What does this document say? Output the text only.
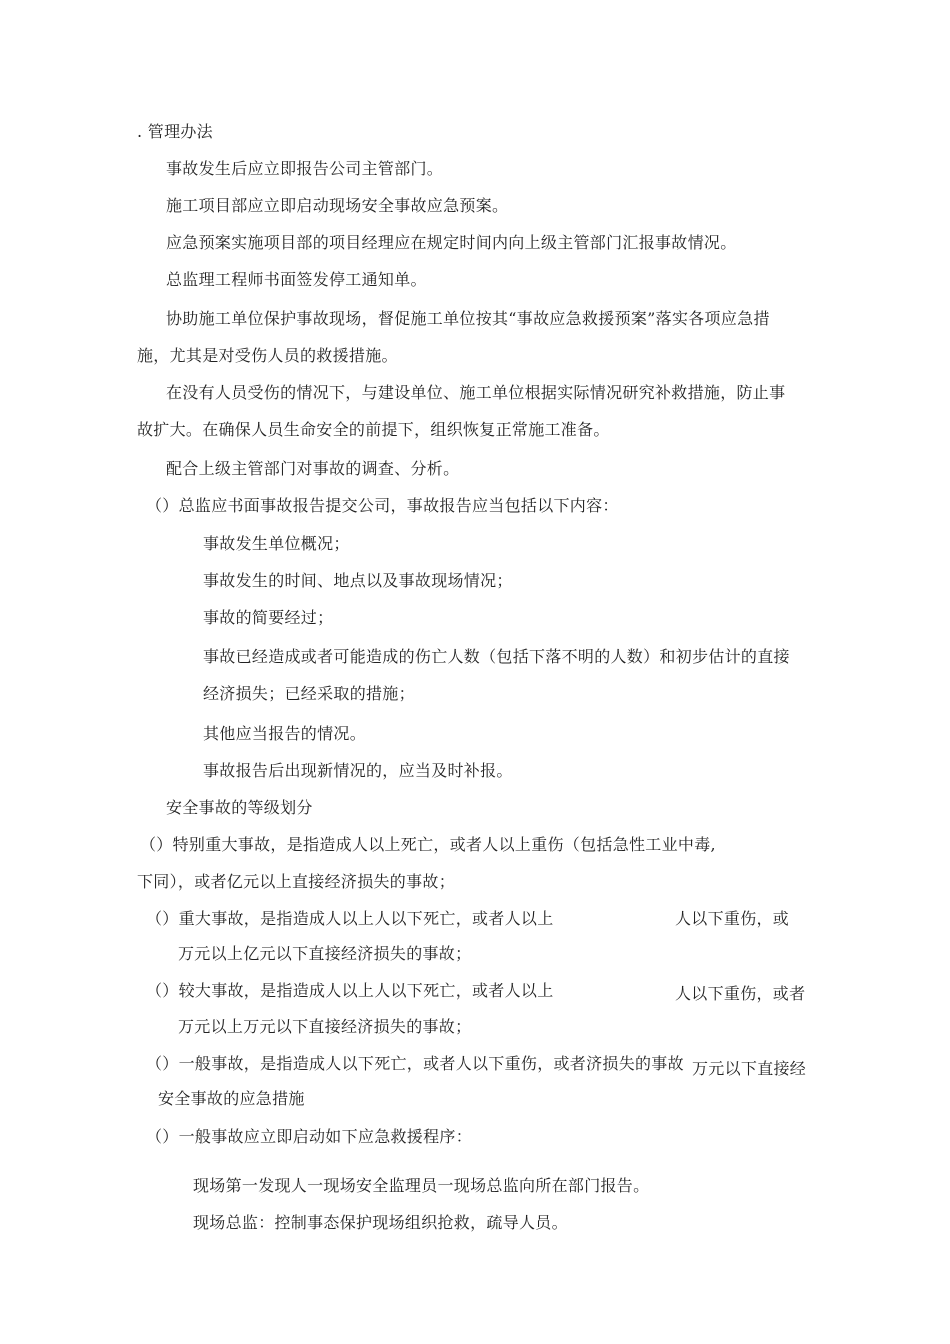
. 管理办法
事故发生后应立即报告公司主管部门。
施工项目部应立即启动现场安全事故应急预案。
应急预案实施项目部的项目经理应在规定时间内向上级主管部门汇报事故情况。
总监理工程师书面签发停工通知单。
协助施工单位保护事故现场，督促施工单位按其“事故应急救援预案”落实各项应急措
施，尤其是对受伤人员的救援措施。
在没有人员受伤的情况下，与建设单位、施工单位根据实际情况研究补救措施，防止事
故扩大。在确保人员生命安全的前提下，组织恢复正常施工准备。
配合上级主管部门对事故的调查、分析。
（）总监应书面事故报告提交公司，事故报告应当包括以下内容：
事故发生单位概况；
事故发生的时间、地点以及事故现场情况；
事故的简要经过；
事故已经造成或者可能造成的伤亡人数（包括下落不明的人数）和初步估计的直接
经济损失；已经采取的措施；
其他应当报告的情况。
事故报告后出现新情况的，应当及时补报。
安全事故的等级划分
（）特别重大事故，是指造成人以上死亡，或者人以上重伤（包括急性工业中毒,
下同），或者亿元以上直接经济损失的事故；
（）重大事故，是指造成人以上人以下死亡，或者人以上	人以下重伤，或
万元以上亿元以下直接经济损失的事故；
（）较大事故，是指造成人以上人以下死亡，或者人以上	人以下重伤，或者
万元以上万元以下直接经济损失的事故；
（）一般事故，是指造成人以下死亡，或者人以下重伤，或者济损失的事故 万元以下直接经
安全事故的应急措施
（）一般事故应立即启动如下应急救援程序：
现场第一发现人一现场安全监理员一现场总监向所在部门报告。
现场总监：控制事态保护现场组织抢救，疏导人员。
